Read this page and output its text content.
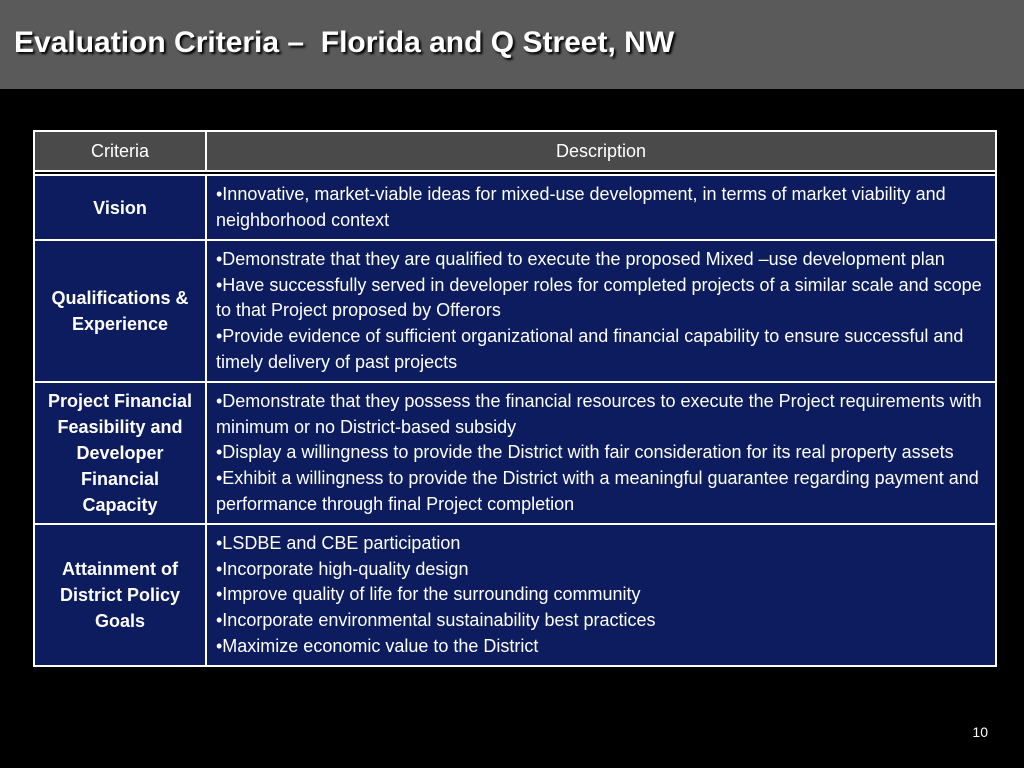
Evaluation Criteria –  Florida and Q Street, NW
Criteria	Description

Vision	•Innovative, market-viable ideas for mixed-use development, in terms of market viability and neighborhood context

Qualifications & Experience	•Demonstrate that they are qualified to execute the proposed Mixed –use development plan
•Have successfully served in developer roles for completed projects of a similar scale and scope to that Project proposed by Offerors
•Provide evidence of sufficient organizational and financial capability to ensure successful and timely delivery of past projects

Project Financial Feasibility and Developer Financial Capacity	•Demonstrate that they possess the financial resources to execute the Project requirements with minimum or no District-based subsidy
•Display a willingness to provide the District with fair consideration for its real property assets
•Exhibit a willingness to provide the District with a meaningful guarantee regarding payment and performance through final Project completion

Attainment of District Policy Goals	•LSDBE and CBE participation
•Incorporate high-quality design
•Improve quality of life for the surrounding community
•Incorporate environmental sustainability best practices
•Maximize economic value to the District
10
